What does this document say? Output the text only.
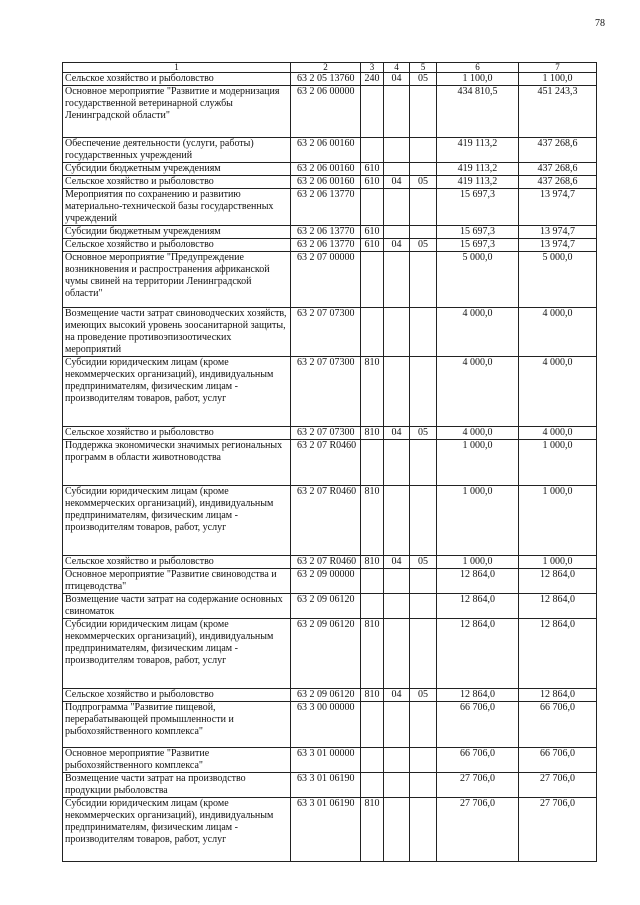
78
1	2	3	4	5	6	7
Сельское хозяйство и рыболовство	63 2 05 13760	240	04	05	1 100,0	1 100,0
Основное мероприятие "Развитие и модернизация государственной ветеринарной службы Ленинградской области"	63 2 06 00000				434 810,5	451 243,3
Обеспечение деятельности (услуги, работы) государственных учреждений	63 2 06 00160				419 113,2	437 268,6
Субсидии бюджетным учреждениям	63 2 06 00160	610			419 113,2	437 268,6
Сельское хозяйство и рыболовство	63 2 06 00160	610	04	05	419 113,2	437 268,6
Мероприятия по сохранению и развитию материально-технической базы государственных учреждений	63 2 06 13770				15 697,3	13 974,7
Субсидии бюджетным учреждениям	63 2 06 13770	610			15 697,3	13 974,7
Сельское хозяйство и рыболовство	63 2 06 13770	610	04	05	15 697,3	13 974,7
Основное мероприятие "Предупреждение возникновения и распространения африканской чумы свиней на территории Ленинградской области"	63 2 07 00000				5 000,0	5 000,0
Возмещение части затрат свиноводческих хозяйств, имеющих высокий уровень зоосанитарной защиты, на проведение противоэпизоотических мероприятий	63 2 07 07300				4 000,0	4 000,0
Субсидии юридическим лицам (кроме некоммерческих организаций), индивидуальным предпринимателям, физическим лицам - производителям товаров, работ, услуг	63 2 07 07300	810			4 000,0	4 000,0
Сельское хозяйство и рыболовство	63 2 07 07300	810	04	05	4 000,0	4 000,0
Поддержка экономически значимых региональных программ в области животноводства	63 2 07 R0460				1 000,0	1 000,0
Субсидии юридическим лицам (кроме некоммерческих организаций), индивидуальным предпринимателям, физическим лицам - производителям товаров, работ, услуг	63 2 07 R0460	810			1 000,0	1 000,0
Сельское хозяйство и рыболовство	63 2 07 R0460	810	04	05	1 000,0	1 000,0
Основное мероприятие "Развитие свиноводства и птицеводства"	63 2 09 00000				12 864,0	12 864,0
Возмещение части затрат на содержание основных свиноматок	63 2 09 06120				12 864,0	12 864,0
Субсидии юридическим лицам (кроме некоммерческих организаций), индивидуальным предпринимателям, физическим лицам - производителям товаров, работ, услуг	63 2 09 06120	810			12 864,0	12 864,0
Сельское хозяйство и рыболовство	63 2 09 06120	810	04	05	12 864,0	12 864,0
Подпрограмма "Развитие пищевой, перерабатывающей промышленности и рыбохозяйственного комплекса"	63 3 00 00000				66 706,0	66 706,0
Основное мероприятие "Развитие рыбохозяйственного комплекса"	63 3 01 00000				66 706,0	66 706,0
Возмещение части затрат на производство продукции рыболовства	63 3 01 06190				27 706,0	27 706,0
Субсидии юридическим лицам (кроме некоммерческих организаций), индивидуальным предпринимателям, физическим лицам - производителям товаров, работ, услуг	63 3 01 06190	810			27 706,0	27 706,0
